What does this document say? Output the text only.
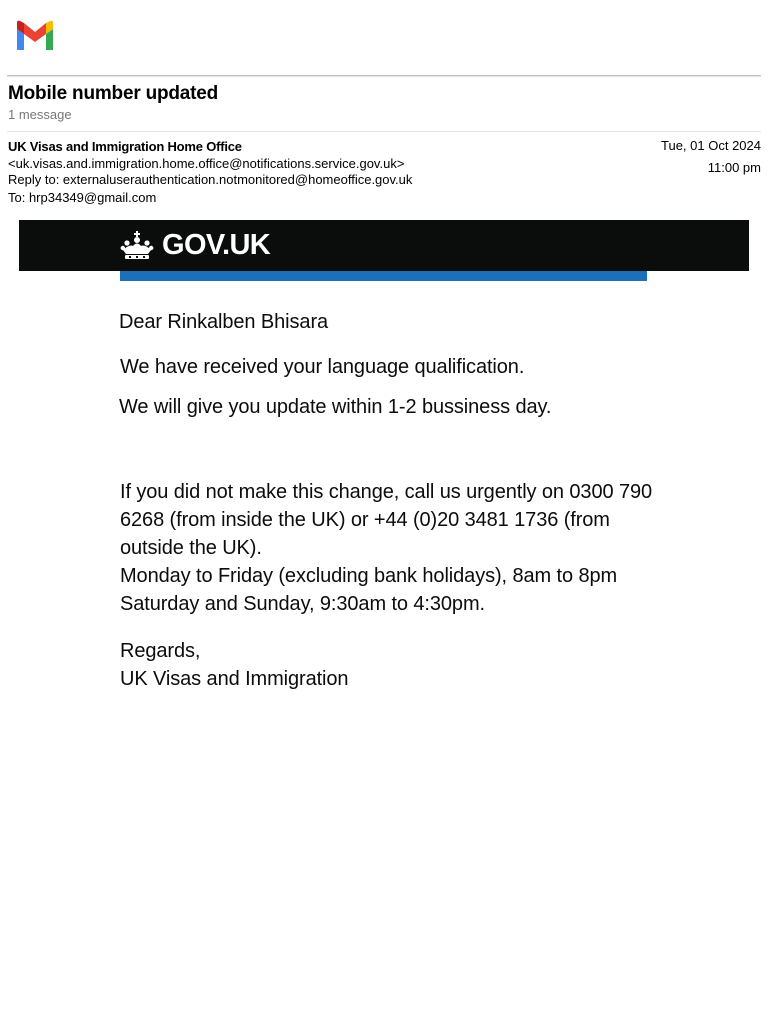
Mobile number updated
1 message
UK Visas and Immigration Home Office
<uk.visas.and.immigration.home.office@notifications.service.gov.uk>
Reply to: externaluserauthentication.notmonitored@homeoffice.gov.uk
To: hrp34349@gmail.com
Tue, 01 Oct 2024
11:00 pm
GOV.UK
Dear Rinkalben Bhisara
We have received your language qualification.
We will give you update within 1-2 bussiness day.
If you did not make this change, call us urgently on 0300 790 6268 (from inside the UK) or +44 (0)20 3481 1736 (from outside the UK).
Monday to Friday (excluding bank holidays), 8am to 8pm
Saturday and Sunday, 9:30am to 4:30pm.
Regards,
UK Visas and Immigration
